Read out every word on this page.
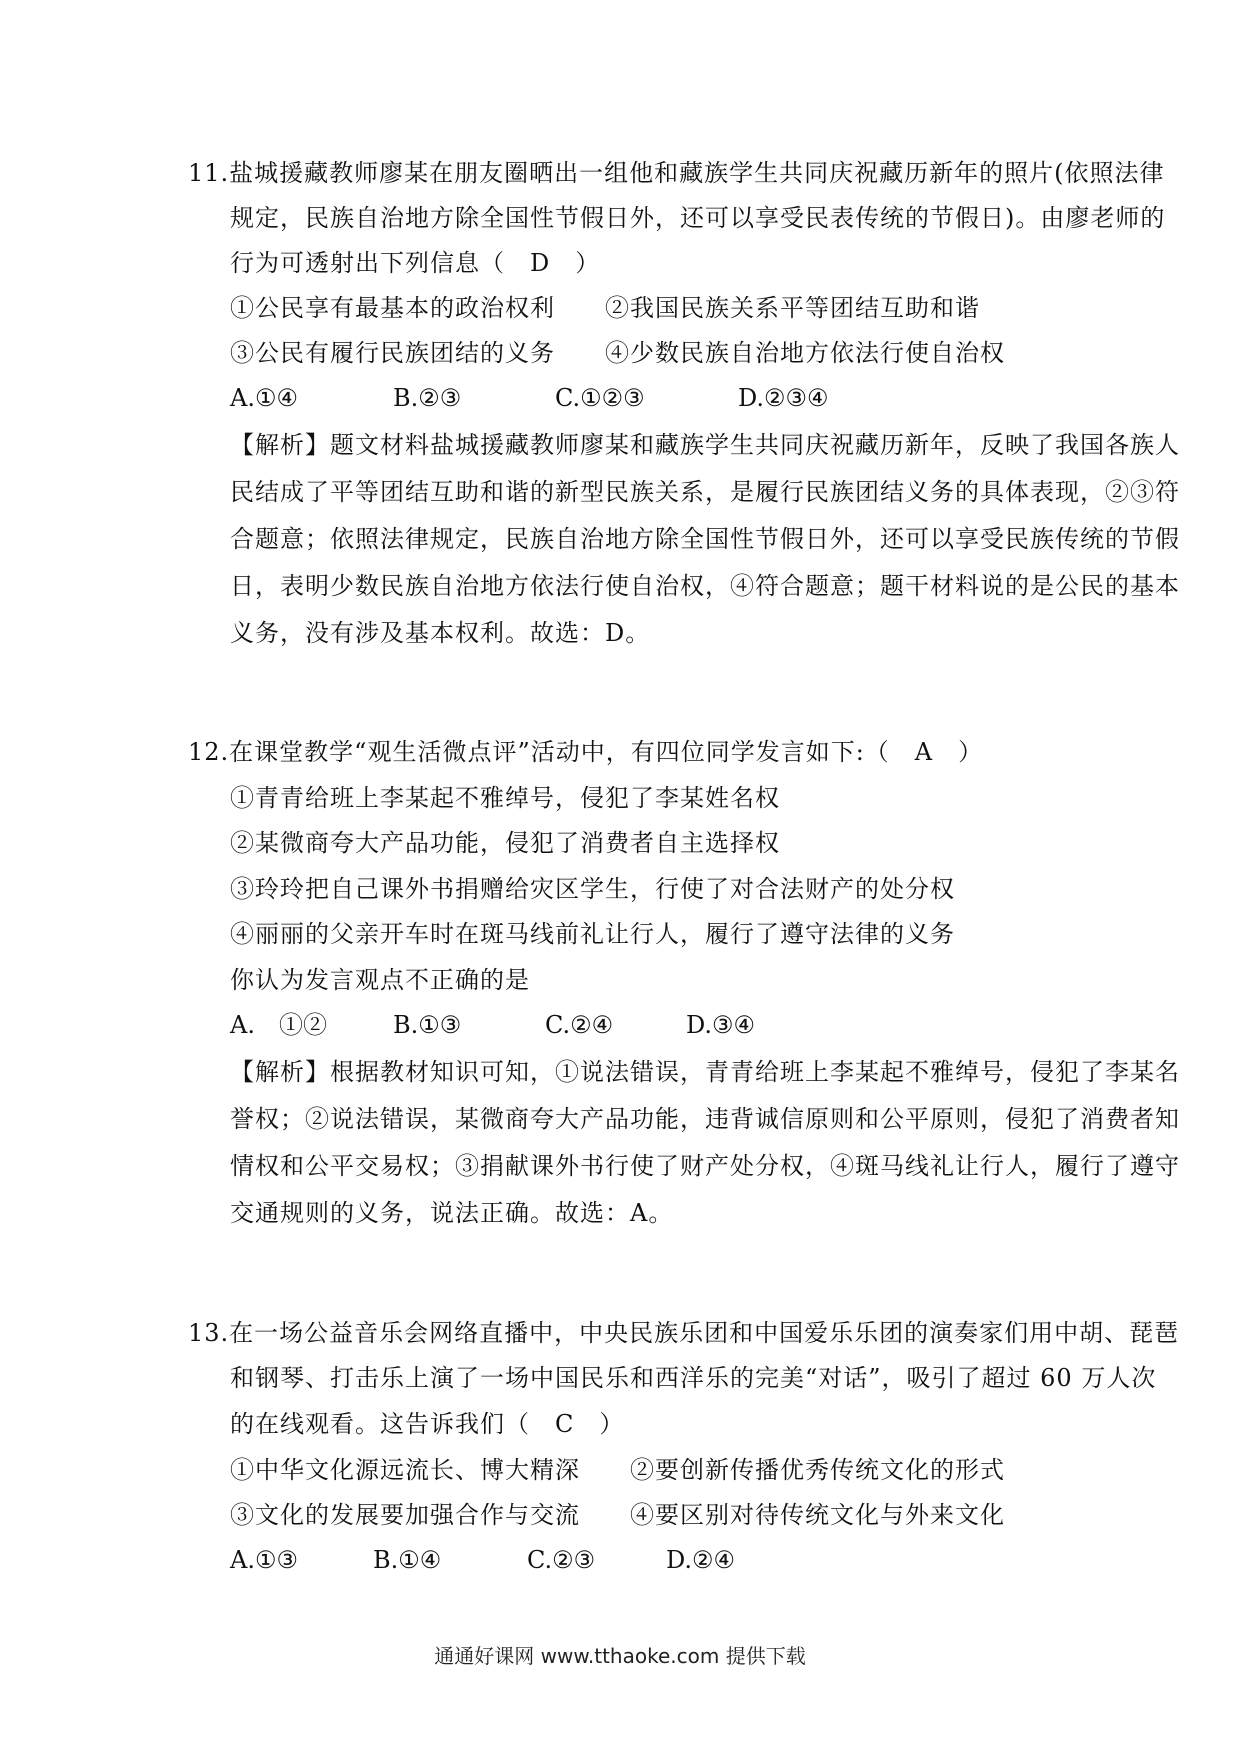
11.盐城援藏教师廖某在朋友圈晒出一组他和藏族学生共同庆祝藏历新年的照片(依照法律
规定，民族自治地方除全国性节假日外，还可以享受民表传统的节假日)。由廖老师的
行为可透射出下列信息（　D　）
①公民享有最基本的政治权利　　②我国民族关系平等团结互助和谐
③公民有履行民族团结的义务　　④少数民族自治地方依法行使自治权
A.①④	B.②③	C.①②③	D.②③④
【解析】题文材料盐城援藏教师廖某和藏族学生共同庆祝藏历新年，反映了我国各族人
民结成了平等团结互助和谐的新型民族关系，是履行民族团结义务的具体表现，②③符
合题意；依照法律规定，民族自治地方除全国性节假日外，还可以享受民族传统的节假
日，表明少数民族自治地方依法行使自治权，④符合题意；题干材料说的是公民的基本
义务，没有涉及基本权利。故选：D。
12.在课堂教学“观生活微点评”活动中，有四位同学发言如下:（　A　）
①青青给班上李某起不雅绰号，侵犯了李某姓名权
②某微商夸大产品功能，侵犯了消费者自主选择权
③玲玲把自己课外书捐赠给灾区学生，行使了对合法财产的处分权
④丽丽的父亲开车时在斑马线前礼让行人，履行了遵守法律的义务
你认为发言观点不正确的是
A.　①②	B.①③	C.②④	D.③④
【解析】根据教材知识可知，①说法错误，青青给班上李某起不雅绰号，侵犯了李某名
誉权；②说法错误，某微商夸大产品功能，违背诚信原则和公平原则，侵犯了消费者知
情权和公平交易权；③捐献课外书行使了财产处分权，④斑马线礼让行人，履行了遵守
交通规则的义务，说法正确。故选：A。
13.在一场公益音乐会网络直播中，中央民族乐团和中国爱乐乐团的演奏家们用中胡、琵琶
和钢琴、打击乐上演了一场中国民乐和西洋乐的完美“对话”，吸引了超过 60 万人次
的在线观看。这告诉我们（　C　）
①中华文化源远流长、博大精深　　②要创新传播优秀传统文化的形式
③文化的发展要加强合作与交流　　④要区别对待传统文化与外来文化
A.①③	B.①④	C.②③	D.②④
通通好课网 www.tthaoke.com 提供下载
